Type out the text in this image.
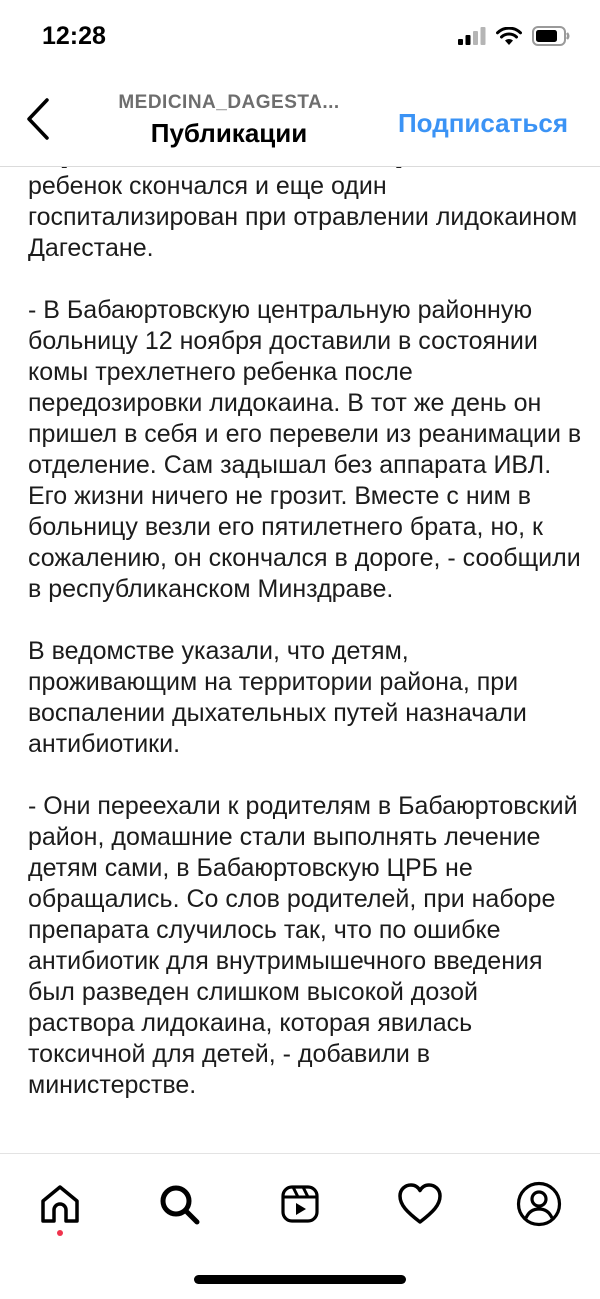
12:28
MEDICINA_DAGESTA...
Публикации	Подписаться

ребенок скончался и еще один госпитализирован при отравлении лидокаином Дагестане.

- В Бабаюртовскую центральную районную больницу 12 ноября доставили в состоянии комы трехлетнего ребенка после передозировки лидокаина. В тот же день он пришел в себя и его перевели из реанимации в отделение. Сам задышал без аппарата ИВЛ. Его жизни ничего не грозит. Вместе с ним в больницу везли его пятилетнего брата, но, к сожалению, он скончался в дороге, - сообщили в республиканском Минздраве.

В ведомстве указали, что детям, проживающим на территории района, при воспалении дыхательных путей назначали антибиотики.

- Они переехали к родителям в Бабаюртовский район, домашние стали выполнять лечение детям сами, в Бабаюртовскую ЦРБ не обращались. Со слов родителей, при наборе препарата случилось так, что по ошибке антибиотик для внутримышечного введения был разведен слишком высокой дозой раствора лидокаина, которая явилась токсичной для детей, - добавили в министерстве.
